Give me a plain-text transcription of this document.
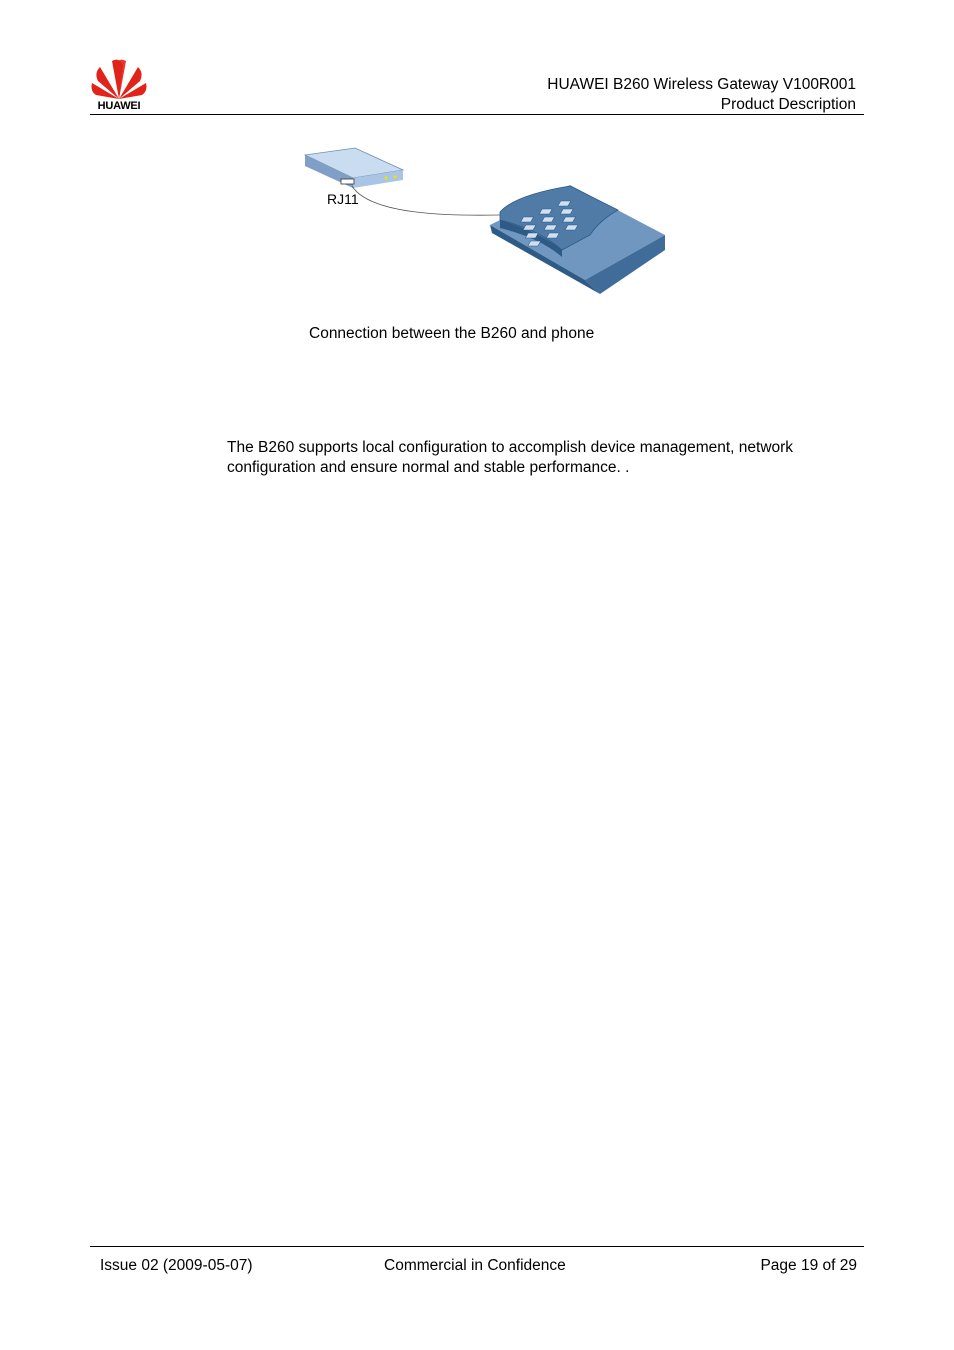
HUAWEI
HUAWEI B260 Wireless Gateway V100R001
Product Description
RJ11
Connection between the B260 and phone
The B260 supports local configuration to accomplish device management, network configuration and ensure normal and stable performance. .
Issue 02 (2009-05-07)	Commercial in Confidence	Page 19 of 29
